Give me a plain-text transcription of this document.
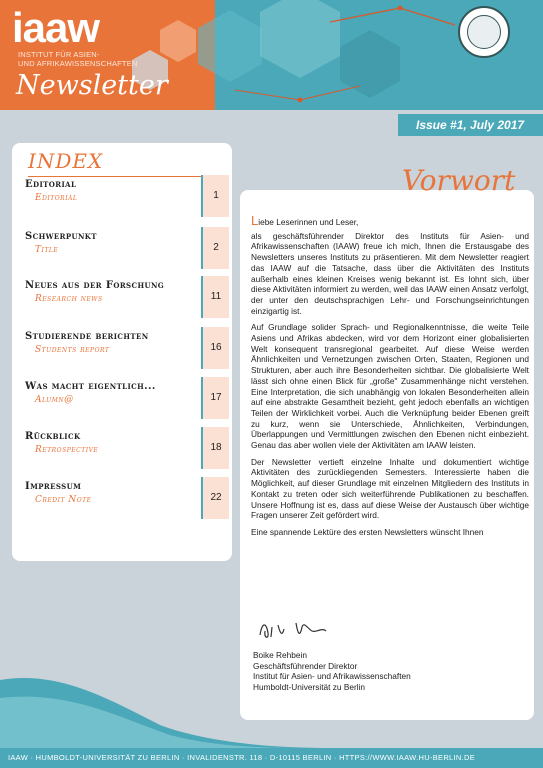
iaaw
INSTITUT FÜR ASIEN-
UND AFRIKAWISSENSCHAFTEN
Newsletter
Issue #1, July 2017
INDEX
Editorial
Editorial	1
Schwerpunkt
Title	2
Neues aus der Forschung
Research news	11
Studierende berichten
Students report	16
Was macht eigentlich...
Alumn@	17
Rückblick
Retrospective	18
Impressum
Credit Note	22
Vorwort

Liebe Leserinnen und Leser,

als geschäftsführender Direktor des Instituts für Asien- und Afrikawissenschaften (IAAW) freue ich mich, Ihnen die Erstausgabe des Newsletters unseres Instituts zu präsentieren. Mit dem Newsletter reagiert das IAAW auf die Tatsache, dass über die Aktivitäten des Instituts außerhalb eines kleinen Kreises wenig bekannt ist. Es lohnt sich, über diese Aktivitäten informiert zu werden, weil das IAAW einen Ansatz verfolgt, der unter den deutschsprachigen Lehr- und Forschungseinrichtungen einzigartig ist.

Auf Grundlage solider Sprach- und Regionalkenntnisse, die weite Teile Asiens und Afrikas abdecken, wird vor dem Horizont einer globalisierten Welt konsequent transregional gearbeitet. Auf diese Weise werden Ähnlichkeiten und Vernetzungen zwischen Orten, Staaten, Regionen und Strukturen, aber auch ihre Besonderheiten sichtbar. Die globalisierte Welt lässt sich ohne einen Blick für „große" Zusammenhänge nicht verstehen. Eine Interpretation, die sich unabhängig von lokalen Besonderheiten allein auf eine abstrakte Gesamtheit bezieht, geht jedoch ebenfalls an wichtigen Teilen der Wirklichkeit vorbei. Auch die Verknüpfung beider Ebenen greift zu kurz, wenn sie Unterschiede, Ähnlichkeiten, Verbindungen, Überlappungen und Vermittlungen zwischen den Ebenen nicht einbezieht. Genau das aber wollen viele der Aktivitäten am IAAW leisten.

Der Newsletter vertieft einzelne Inhalte und dokumentiert wichtige Aktivitäten des zurückliegenden Semesters. Interessierte haben die Möglichkeit, auf dieser Grundlage mit einzelnen Mitgliedern des Instituts in Kontakt zu treten oder sich weiterführende Publikationen zu beschaffen. Unsere Hoffnung ist es, dass auf diese Weise der Austausch über wichtige Fragen unserer Zeit gefördert wird.

Eine spannende Lektüre des ersten Newsletters wünscht Ihnen

Boike Rehbein
Geschäftsführender Direktor
Institut für Asien- und Afrikawissenschaften
Humboldt-Universität zu Berlin
IAAW · HUMBOLDT-UNIVERSITÄT ZU BERLIN · INVALIDENSTR. 118 · D-10115 BERLIN · HTTPS://WWW.IAAW.HU-BERLIN.DE
